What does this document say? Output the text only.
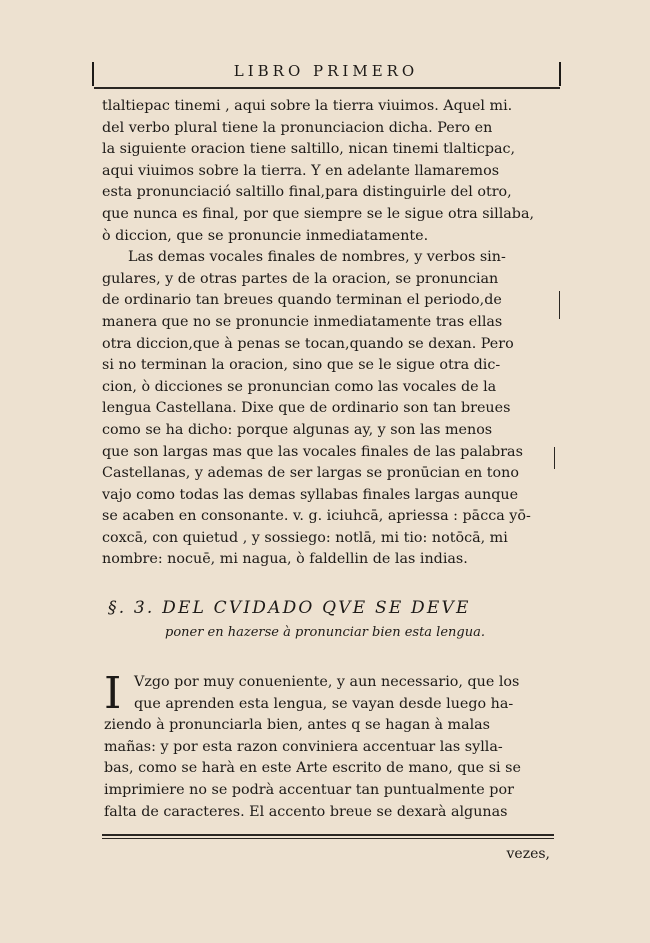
LIBRO PRIMERO
tlaltiepac tinemi , aqui sobre la tierra viuimos. Aquel mi.
del verbo plural tiene la pronunciacion dicha. Pero en
la siguiente oracion tiene saltillo, nican tinemi tlalticpac,
aqui viuimos sobre la tierra. Y en adelante llamaremos
esta pronunciació saltillo final,para distinguirle del otro,
que nunca es final, por que siempre se le sigue otra sillaba,
ò diccion, que se pronuncie inmediatamente.
Las demas vocales finales de nombres, y verbos sin-
gulares, y de otras partes de la oracion, se pronuncian
de ordinario tan breues quando terminan el periodo,de
manera que no se pronuncie inmediatamente tras ellas
otra diccion,que à penas se tocan,quando se dexan. Pero
si no terminan la oracion, sino que se le sigue otra dic-
cion, ò dicciones se pronuncian como las vocales de la
lengua Castellana. Dixe que de ordinario son tan breues
como se ha dicho: porque algunas ay, y son las menos
que son largas mas que las vocales finales de las palabras
Castellanas, y ademas de ser largas se pronūcian en tono
vajo como todas las demas syllabas finales largas aunque
se acaben en consonante. v. g. iciuhcā, apriessa : pācca yō-
coxcā, con quietud , y sossiego: notlā, mi tio: notōcā, mi
nombre: nocuē, mi nagua, ò faldellin de las indias.
§. 3. DEL CVIDADO QVE SE DEVE
poner en hazerse à pronunciar bien esta lengua.
I Vzgo por muy conueniente, y aun necessario, que los
que aprenden esta lengua, se vayan desde luego ha-
ziendo à pronunciarla bien, antes q se hagan à malas
mañas: y por esta razon conviniera accentuar las sylla-
bas, como se harà en este Arte escrito de mano, que si se
imprimiere no se podrà accentuar tan puntualmente por
falta de caracteres. El accento breue se dexarà algunas
vezes,
